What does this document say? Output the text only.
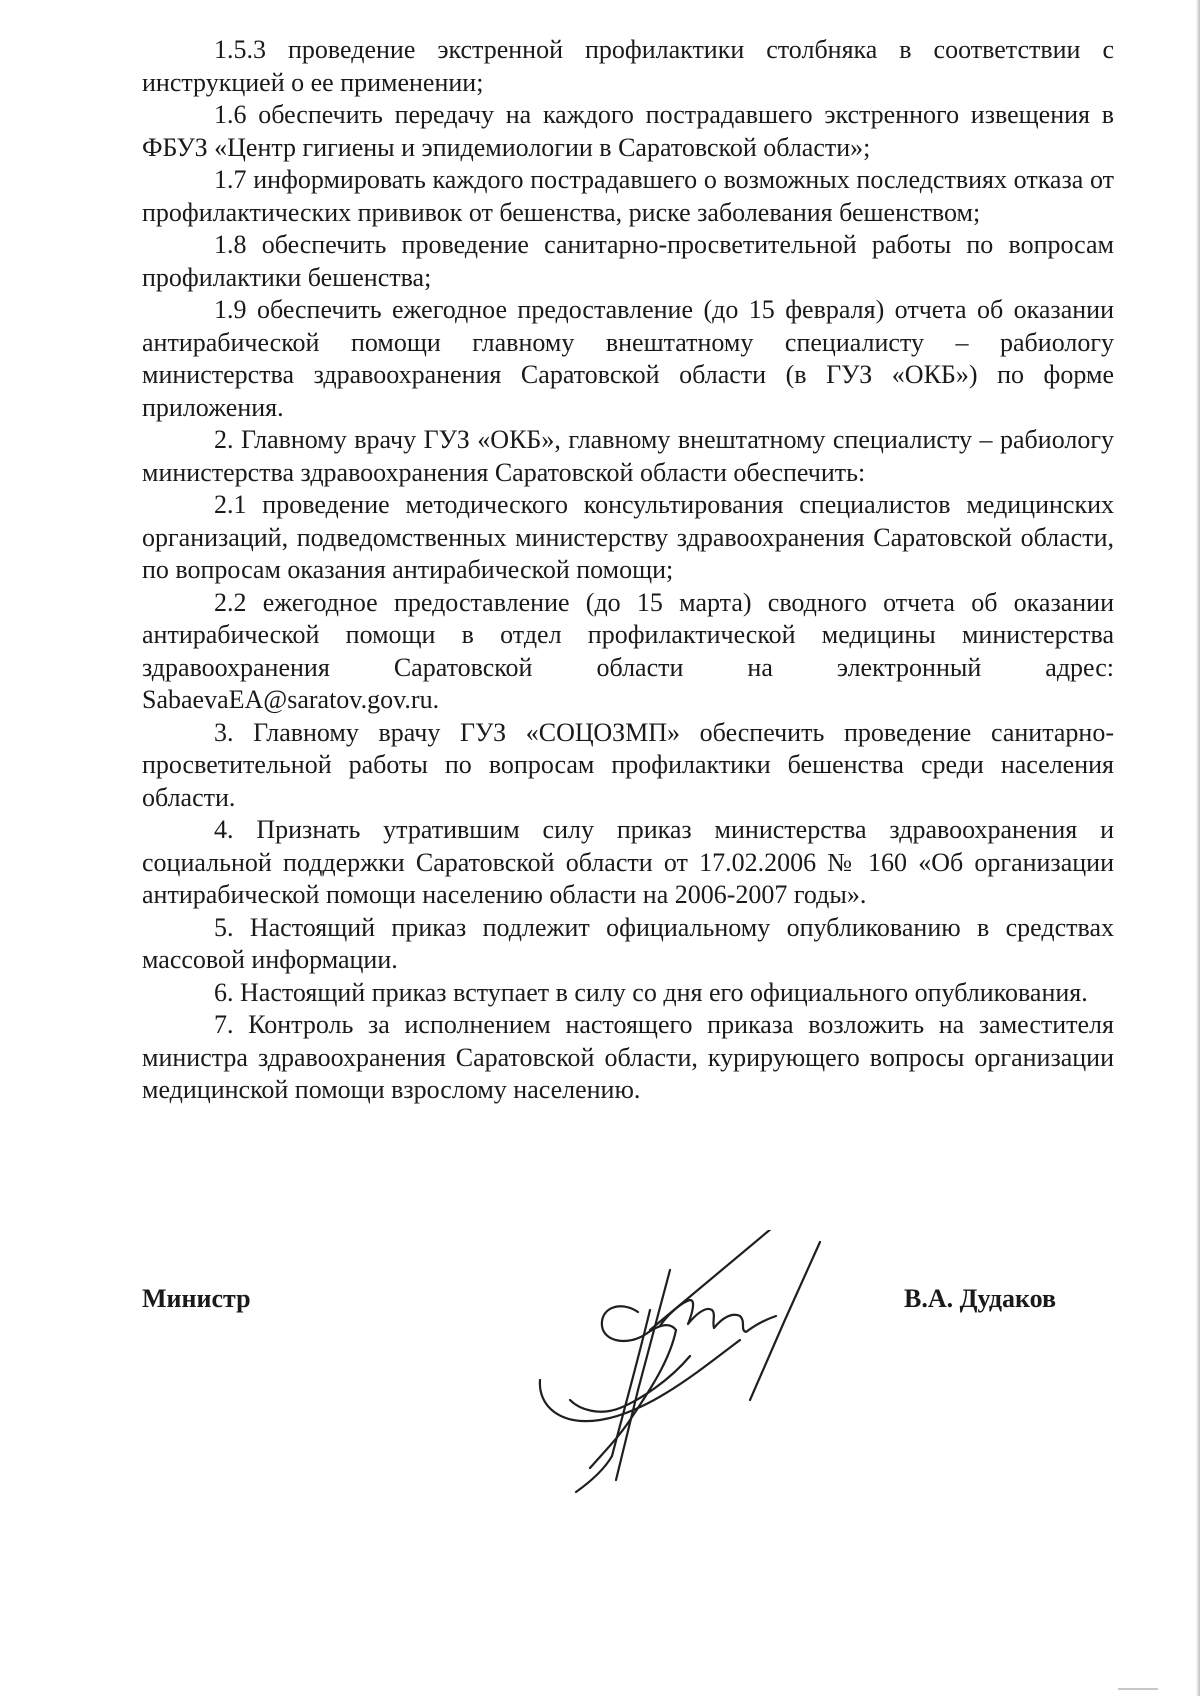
1.5.3 проведение экстренной профилактики столбняка в соответствии с инструкцией о ее применении;

1.6 обеспечить передачу на каждого пострадавшего экстренного извещения в ФБУЗ «Центр гигиены и эпидемиологии в Саратовской области»;

1.7 информировать каждого пострадавшего о возможных последствиях отказа от профилактических прививок от бешенства, риске заболевания бешенством;

1.8 обеспечить проведение санитарно-просветительной работы по вопросам профилактики бешенства;

1.9 обеспечить ежегодное предоставление (до 15 февраля) отчета об оказании антирабической помощи главному внештатному специалисту – рабиологу министерства здравоохранения Саратовской области (в ГУЗ «ОКБ») по форме приложения.

2. Главному врачу ГУЗ «ОКБ», главному внештатному специалисту – рабиологу министерства здравоохранения Саратовской области обеспечить:

2.1 проведение методического консультирования специалистов медицинских организаций, подведомственных министерству здравоохранения Саратовской области, по вопросам оказания антирабической помощи;

2.2 ежегодное предоставление (до 15 марта) сводного отчета об оказании антирабической помощи в отдел профилактической медицины министерства здравоохранения Саратовской области на электронный адрес: SabaevaEA@saratov.gov.ru.

3. Главному врачу ГУЗ «СОЦОЗМП» обеспечить проведение санитарно-просветительной работы по вопросам профилактики бешенства среди населения области.

4. Признать утратившим силу приказ министерства здравоохранения и социальной поддержки Саратовской области от 17.02.2006 № 160 «Об организации антирабической помощи населению области на 2006-2007 годы».

5. Настоящий приказ подлежит официальному опубликованию в средствах массовой информации.

6. Настоящий приказ вступает в силу со дня его официального опубликования.

7. Контроль за исполнением настоящего приказа возложить на заместителя министра здравоохранения Саратовской области, курирующего вопросы организации медицинской помощи взрослому населению.

Министр	В.А. Дудаков
